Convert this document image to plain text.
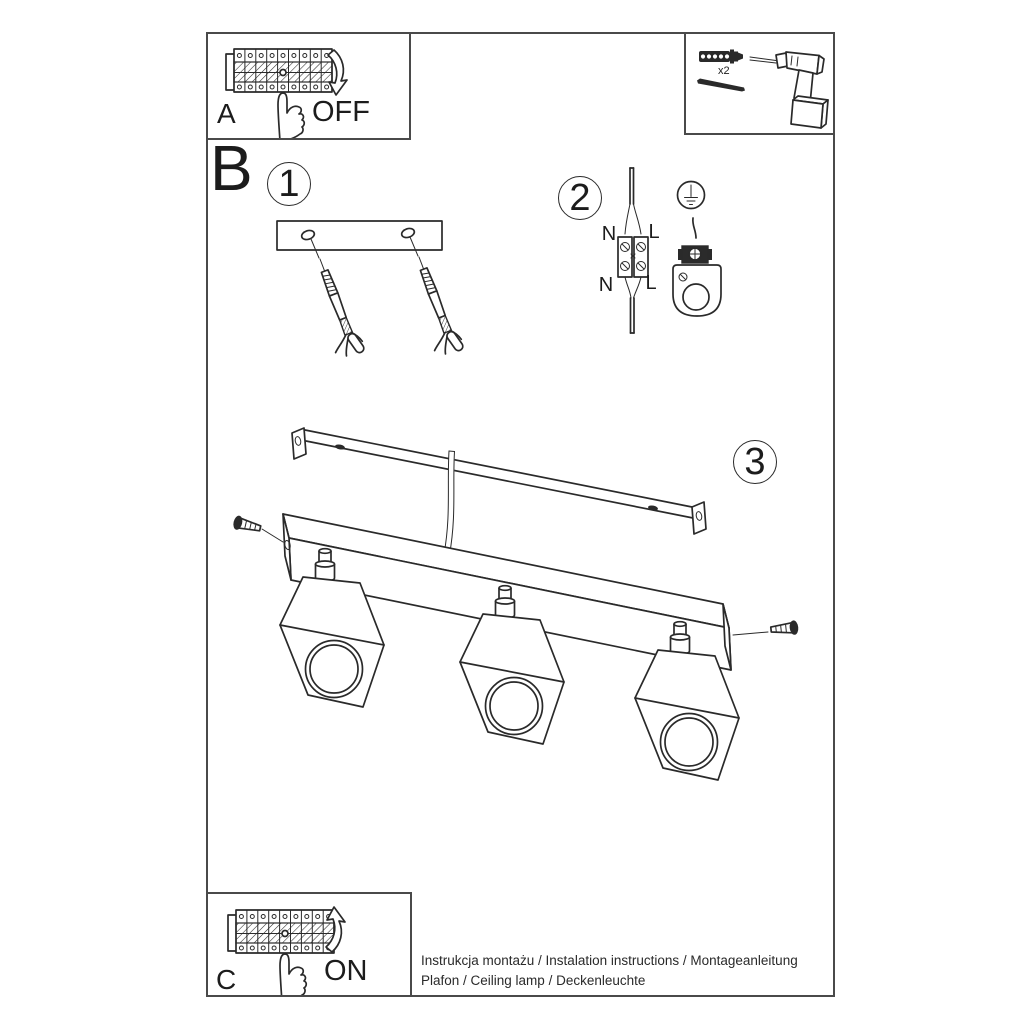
A	OFF
x2
B 1	2
3
N L
N L
C	ON	Instrukcja montażu / Instalation instructions / Montageanleitung
Plafon / Ceiling lamp / Deckenleuchte
